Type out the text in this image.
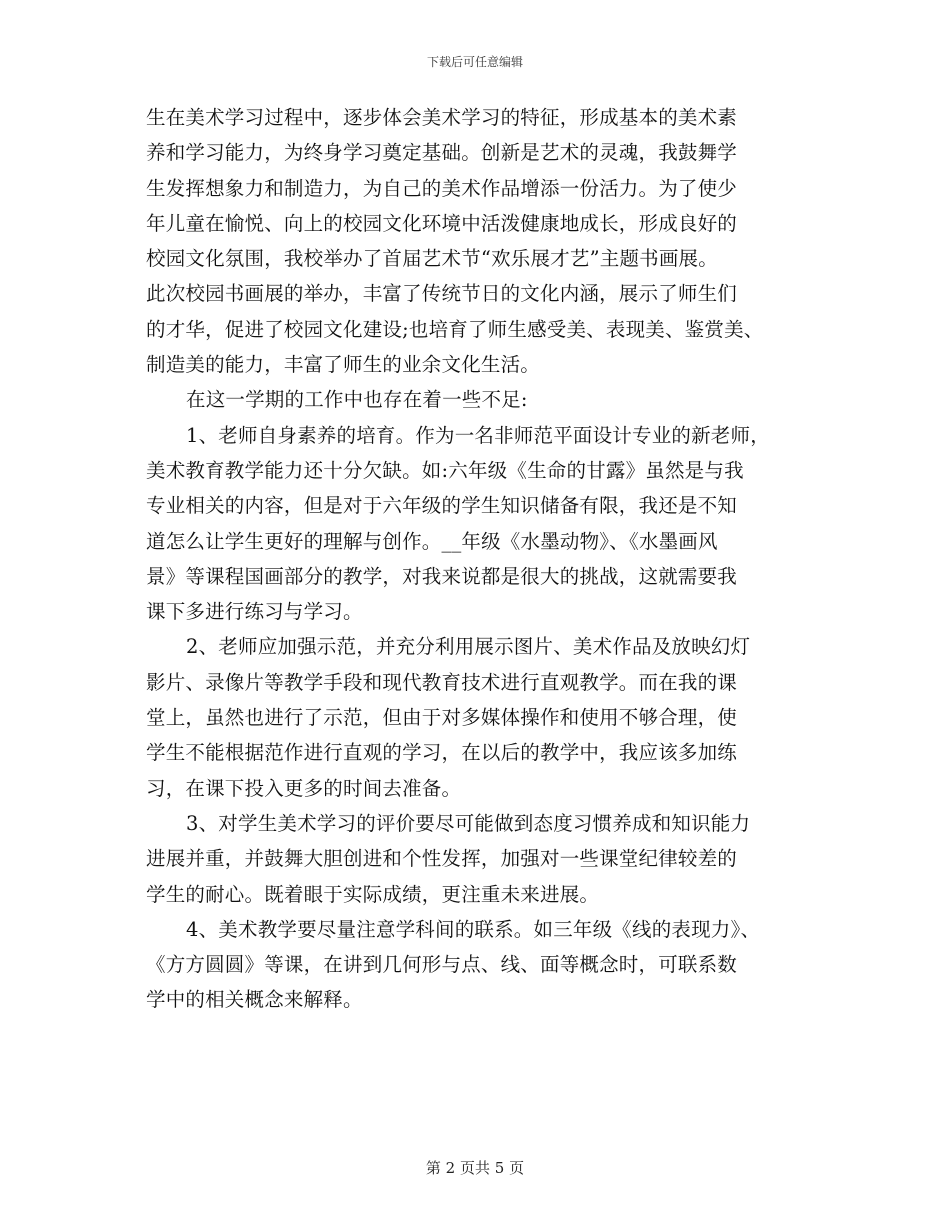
下载后可任意编辑
生在美术学习过程中，逐步体会美术学习的特征，形成基本的美术素
养和学习能力，为终身学习奠定基础。创新是艺术的灵魂，我鼓舞学
生发挥想象力和制造力，为自己的美术作品增添一份活力。为了使少
年儿童在愉悦、向上的校园文化环境中活泼健康地成长，形成良好的
校园文化氛围，我校举办了首届艺术节“欢乐展才艺”主题书画展。
此次校园书画展的举办，丰富了传统节日的文化内涵，展示了师生们
的才华，促进了校园文化建设;也培育了师生感受美、表现美、鉴赏美、
制造美的能力，丰富了师生的业余文化生活。
在这一学期的工作中也存在着一些不足:
1、老师自身素养的培育。作为一名非师范平面设计专业的新老师，
美术教育教学能力还十分欠缺。如:六年级《生命的甘露》虽然是与我
专业相关的内容，但是对于六年级的学生知识储备有限，我还是不知
道怎么让学生更好的理解与创作。__年级《水墨动物》、《水墨画风
景》等课程国画部分的教学，对我来说都是很大的挑战，这就需要我
课下多进行练习与学习。
2、老师应加强示范，并充分利用展示图片、美术作品及放映幻灯
影片、录像片等教学手段和现代教育技术进行直观教学。而在我的课
堂上，虽然也进行了示范，但由于对多媒体操作和使用不够合理，使
学生不能根据范作进行直观的学习，在以后的教学中，我应该多加练
习，在课下投入更多的时间去准备。
3、对学生美术学习的评价要尽可能做到态度习惯养成和知识能力
进展并重，并鼓舞大胆创进和个性发挥，加强对一些课堂纪律较差的
学生的耐心。既着眼于实际成绩，更注重未来进展。
4、美术教学要尽量注意学科间的联系。如三年级《线的表现力》、
《方方圆圆》等课，在讲到几何形与点、线、面等概念时，可联系数
学中的相关概念来解释。
第 2 页共 5 页
